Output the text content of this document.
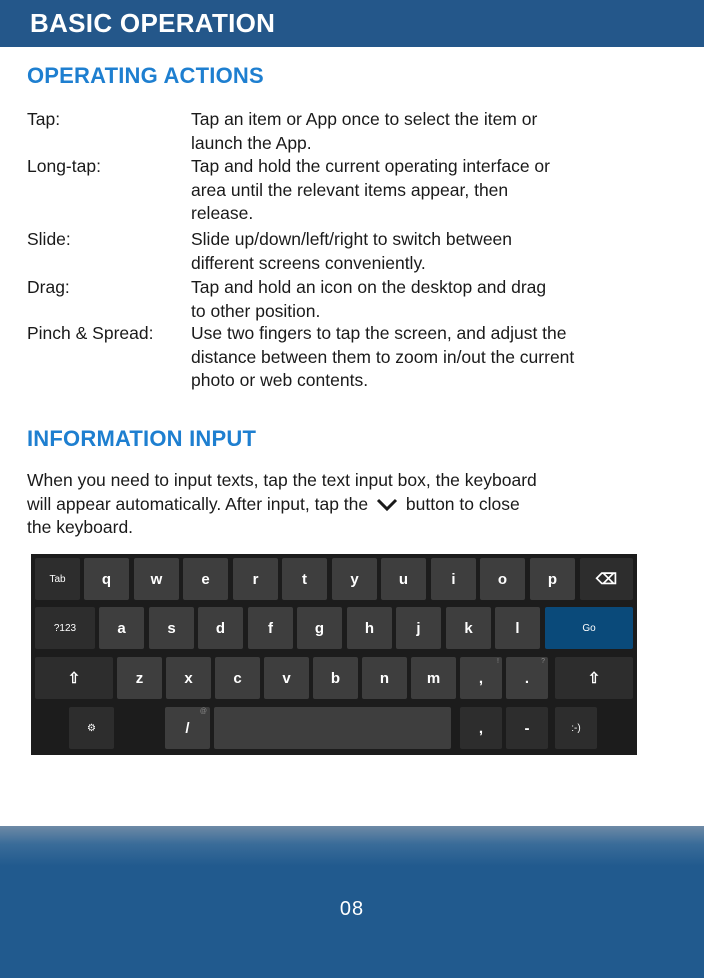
BASIC OPERATION
OPERATING ACTIONS
Tap:	Tap an item or App once to select the item or
launch the App.
Long-tap:	Tap and hold the current operating interface or
area until the relevant items appear, then
release.
Slide:	Slide up/down/left/right to switch between
different screens conveniently.
Drag:	Tap and hold an icon on the desktop and drag
to other position.
Pinch & Spread: Use two fingers to tap the screen, and adjust the
distance between them to zoom in/out the current
photo or web contents.
INFORMATION INPUT
When you need to input texts, tap the text input box, the keyboard
will appear automatically. After input, tap the button to close
the keyboard.
Tab	q	w	e	r	t	y	u	i	o	p	⌫
?123	a	s	d	f	g	h	j	k	l	Go
⇧	z	x	c	v	b	n	m	,
!
.
?
⇧
⚙	/
@
,	-	:-)
08
